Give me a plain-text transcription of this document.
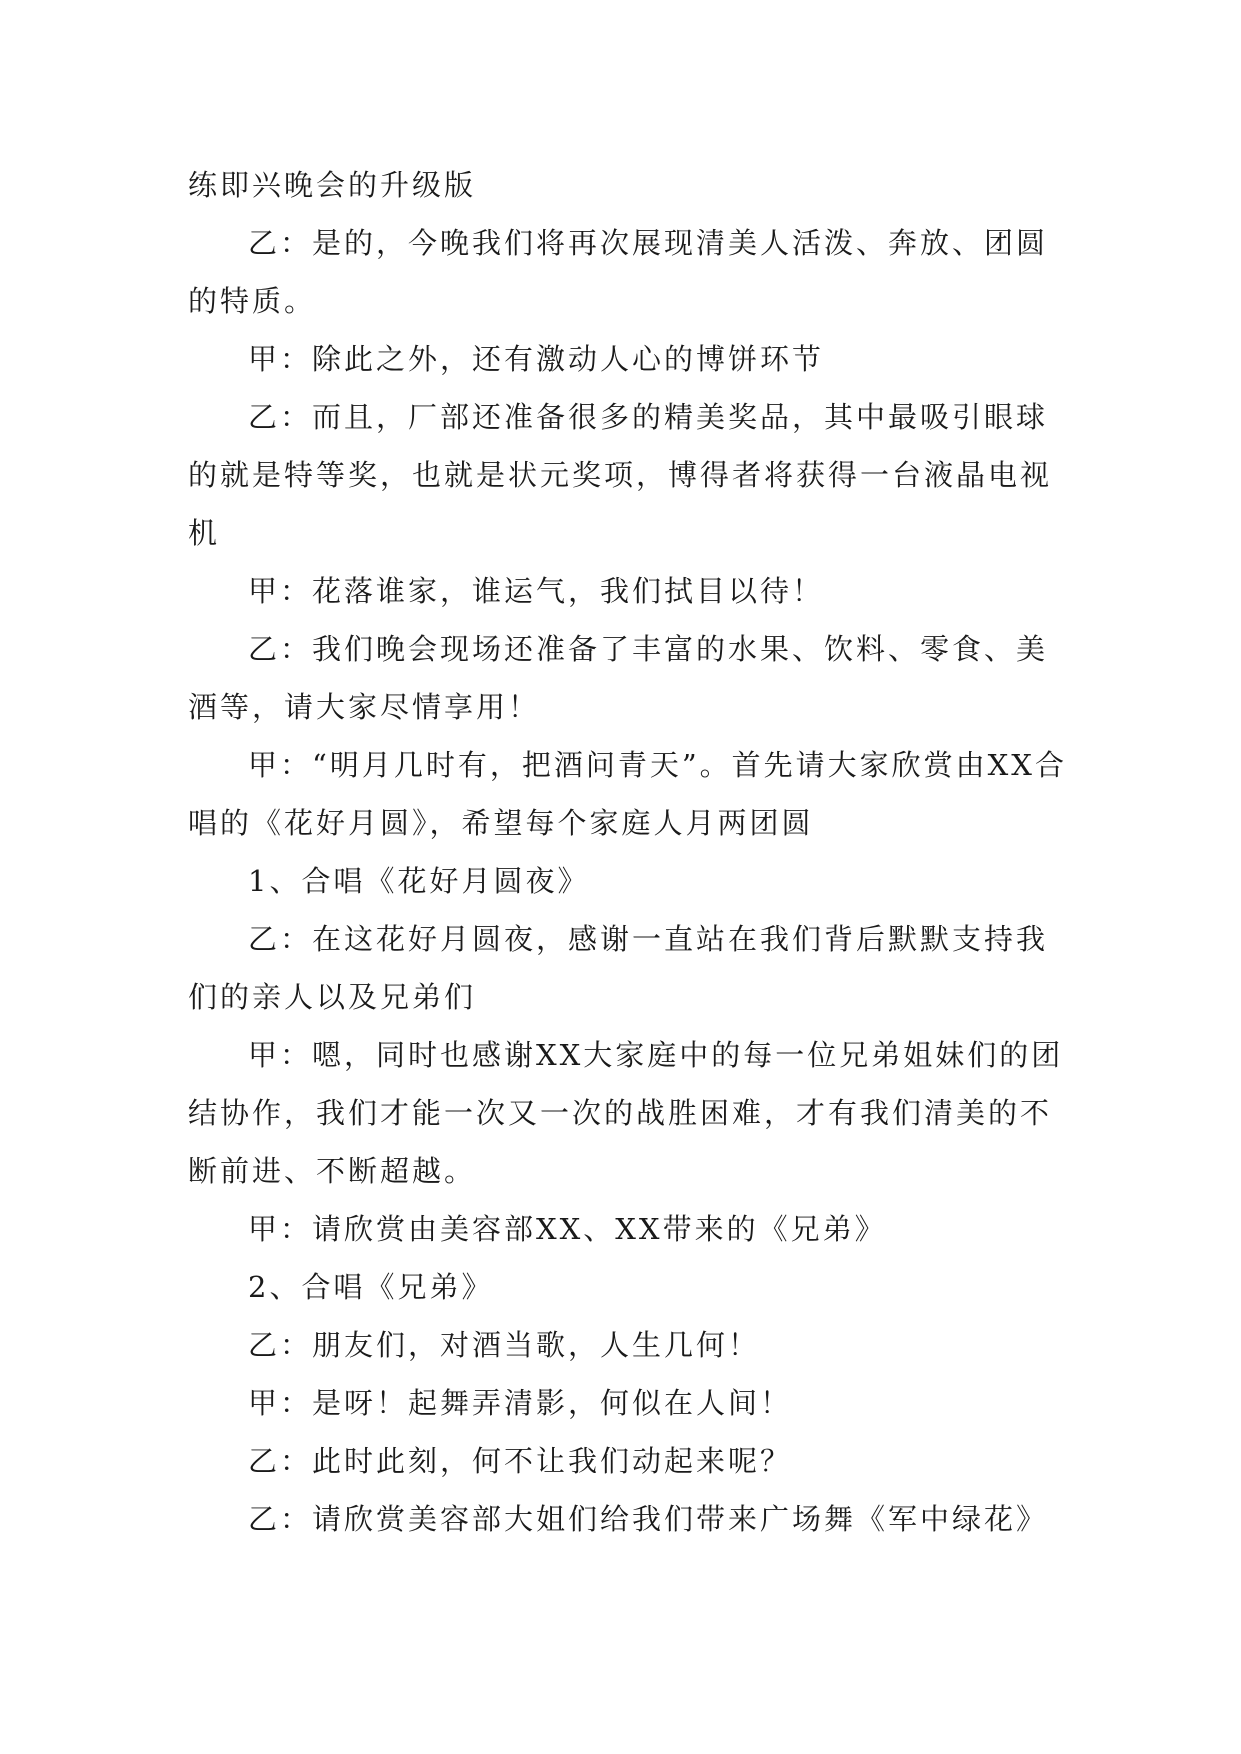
练即兴晚会的升级版

乙：是的，今晚我们将再次展现清美人活泼、奔放、团圆的特质。

甲：除此之外，还有激动人心的博饼环节

乙：而且，厂部还准备很多的精美奖品，其中最吸引眼球的就是特等奖，也就是状元奖项，博得者将获得一台液晶电视机

甲：花落谁家，谁运气，我们拭目以待！

乙：我们晚会现场还准备了丰富的水果、饮料、零食、美酒等，请大家尽情享用！

甲：“明月几时有，把酒问青天”。首先请大家欣赏由XX合唱的《花好月圆》，希望每个家庭人月两团圆

1、合唱《花好月圆夜》

乙：在这花好月圆夜，感谢一直站在我们背后默默支持我们的亲人以及兄弟们

甲：嗯，同时也感谢XX大家庭中的每一位兄弟姐妹们的团结协作，我们才能一次又一次的战胜困难，才有我们清美的不断前进、不断超越。

甲：请欣赏由美容部XX、XX带来的《兄弟》

2、合唱《兄弟》

乙：朋友们，对酒当歌，人生几何！

甲：是呀！起舞弄清影，何似在人间！

乙：此时此刻，何不让我们动起来呢？

乙：请欣赏美容部大姐们给我们带来广场舞《军中绿花》
